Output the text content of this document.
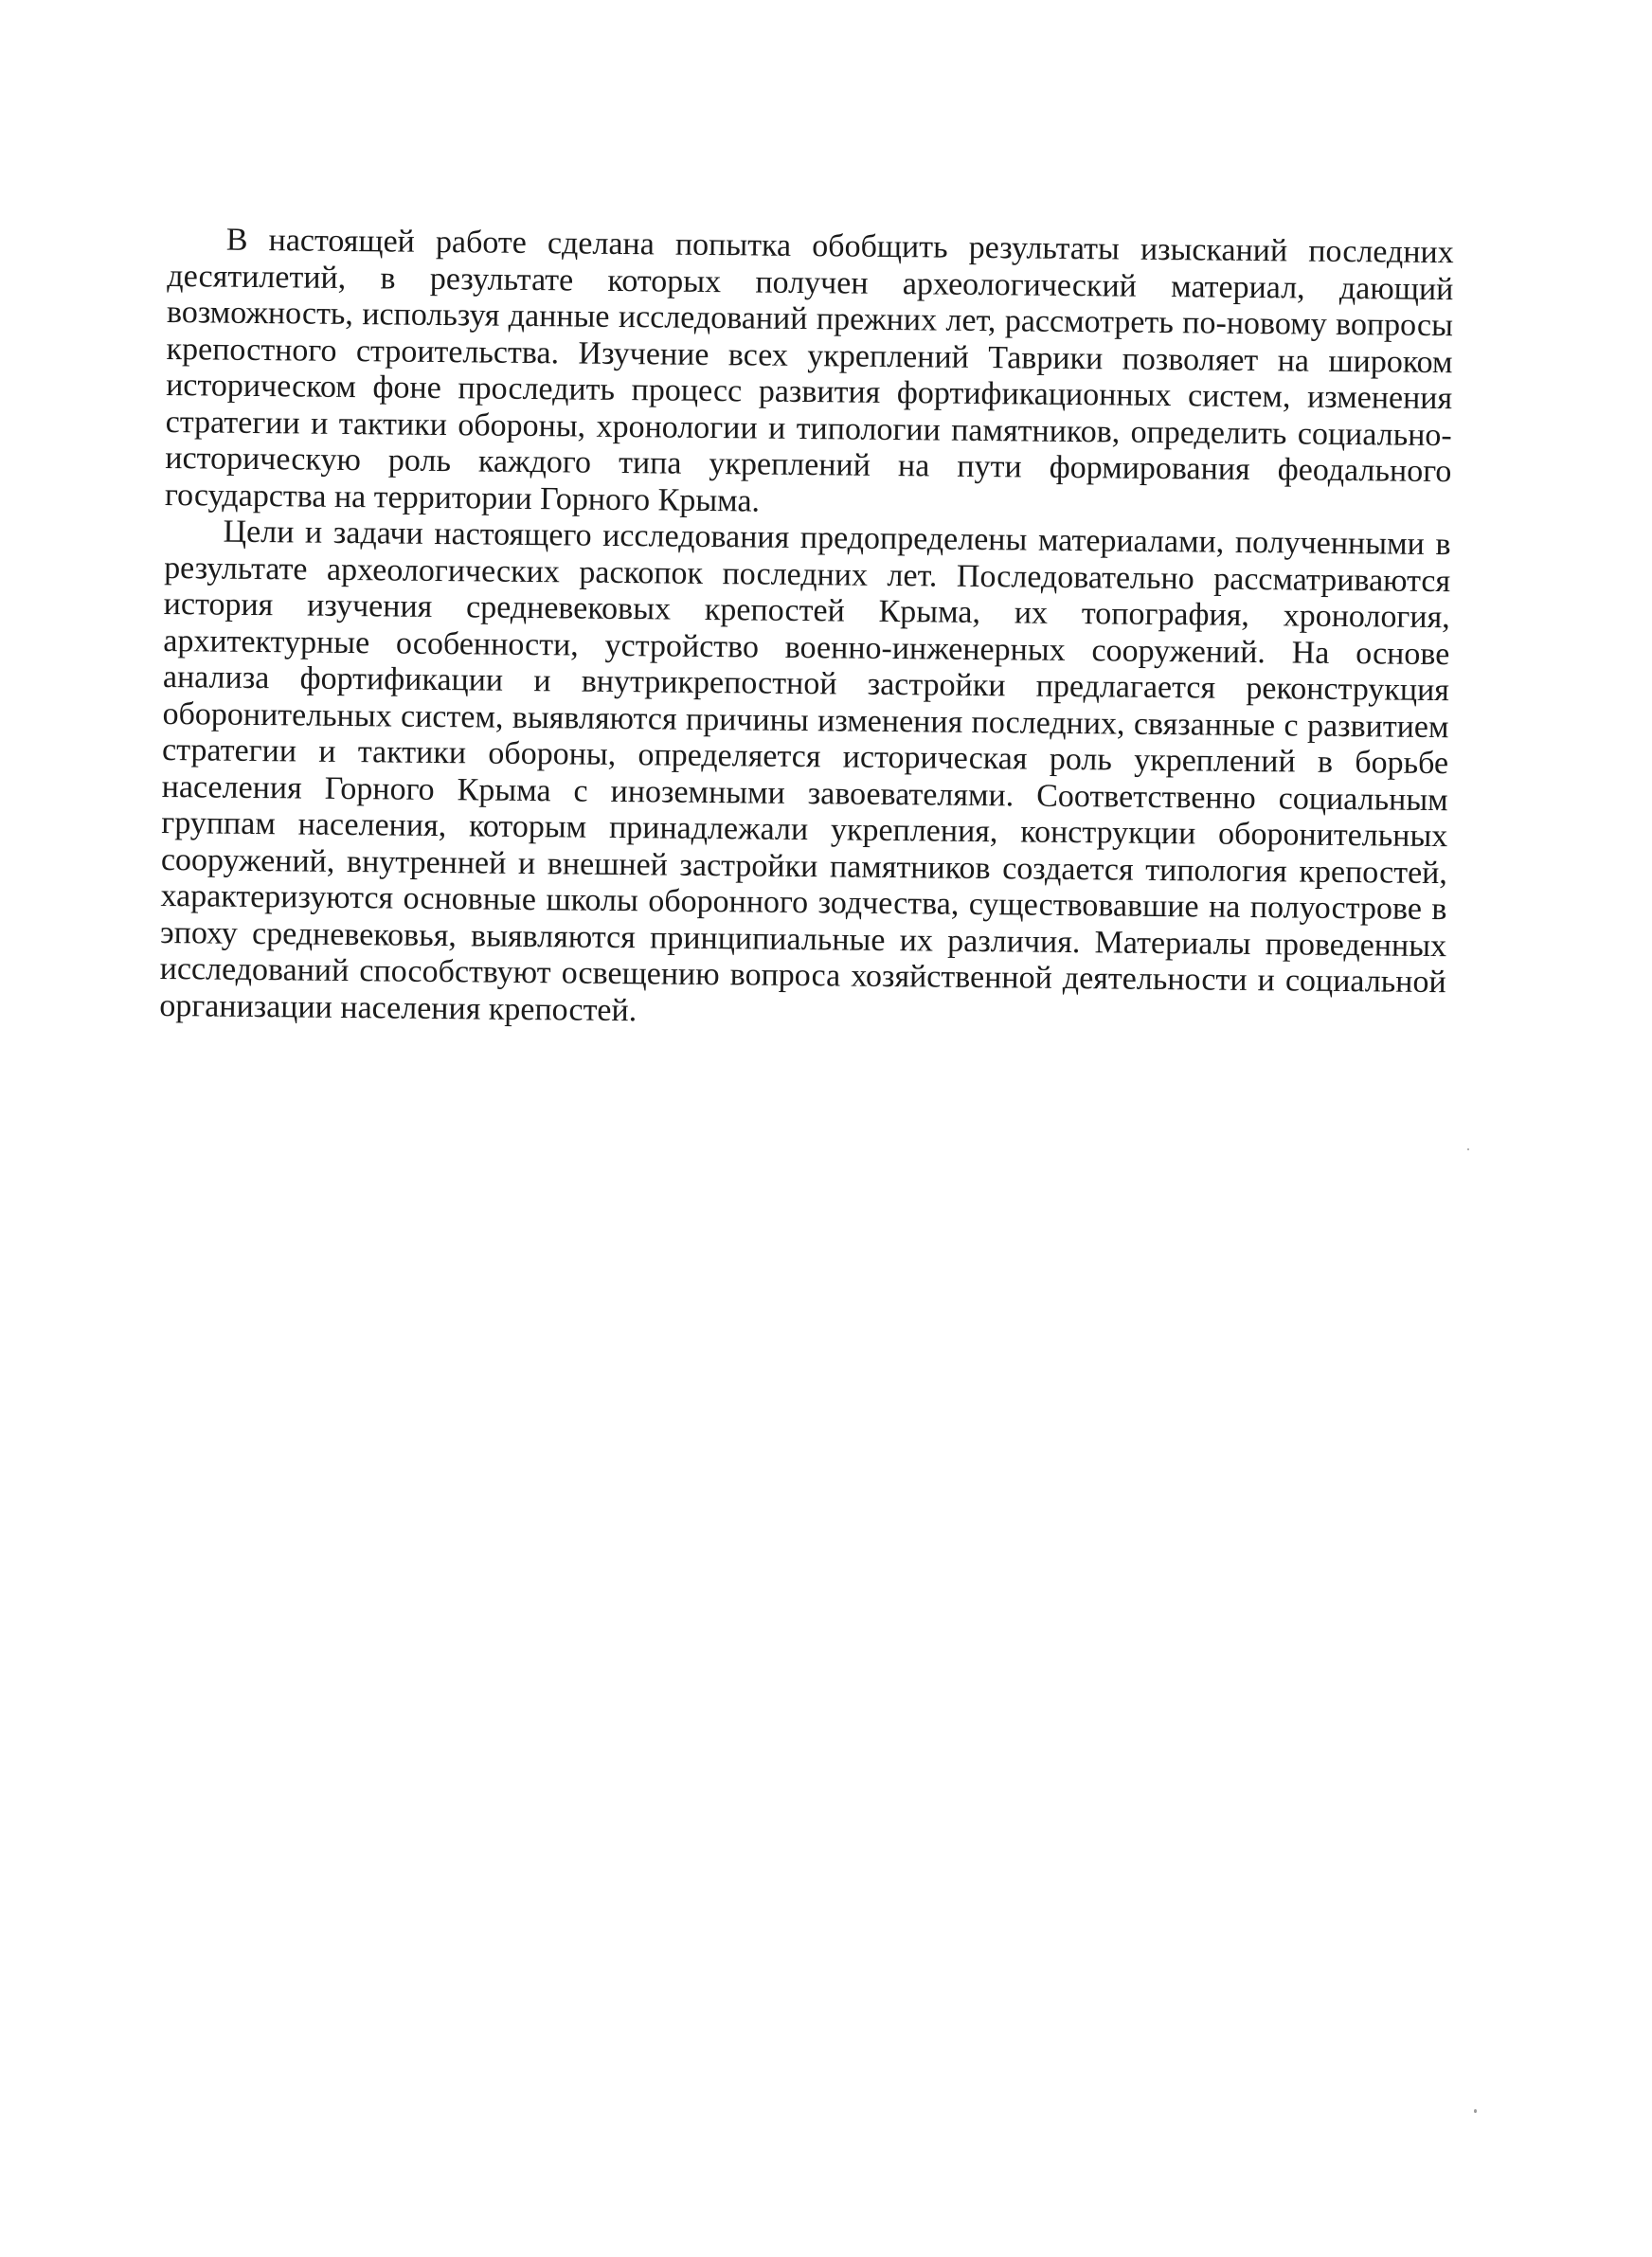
В настоящей работе сделана попытка обобщить результаты изысканий последних десятилетий, в результате которых получен археологический материал, дающий возможность, используя данные исследований прежних лет, рассмотреть по-новому вопросы крепостного строительства. Изучение всех укреплений Таврики позволяет на широком историческом фоне проследить процесс развития фортификационных систем, изменения стратегии и тактики обороны, хронологии и типологии памятников, определить социально-историческую роль каждого типа укреплений на пути формирования феодального государства на территории Горного Крыма.

Цели и задачи настоящего исследования предопределены материалами, полученными в результате археологических раскопок последних лет. Последовательно рассматриваются история изучения средневековых крепостей Крыма, их топография, хронология, архитектурные особенности, устройство военно-инженерных сооружений. На основе анализа фортификации и внутрикрепостной застройки предлагается реконструкция оборонительных систем, выявляются причины изменения последних, связанные с развитием стратегии и тактики обороны, определяется историческая роль укреплений в борьбе населения Горного Крыма с иноземными завоевателями. Соответственно социальным группам населения, которым принадлежали укрепления, конструкции оборонительных сооружений, внутренней и внешней застройки памятников создается типология крепостей, характеризуются основные школы оборонного зодчества, существовавшие на полуострове в эпоху средневековья, выявляются принципиальные их различия. Материалы проведенных исследований способствуют освещению вопроса хозяйственной деятельности и социальной организации населения крепостей.
